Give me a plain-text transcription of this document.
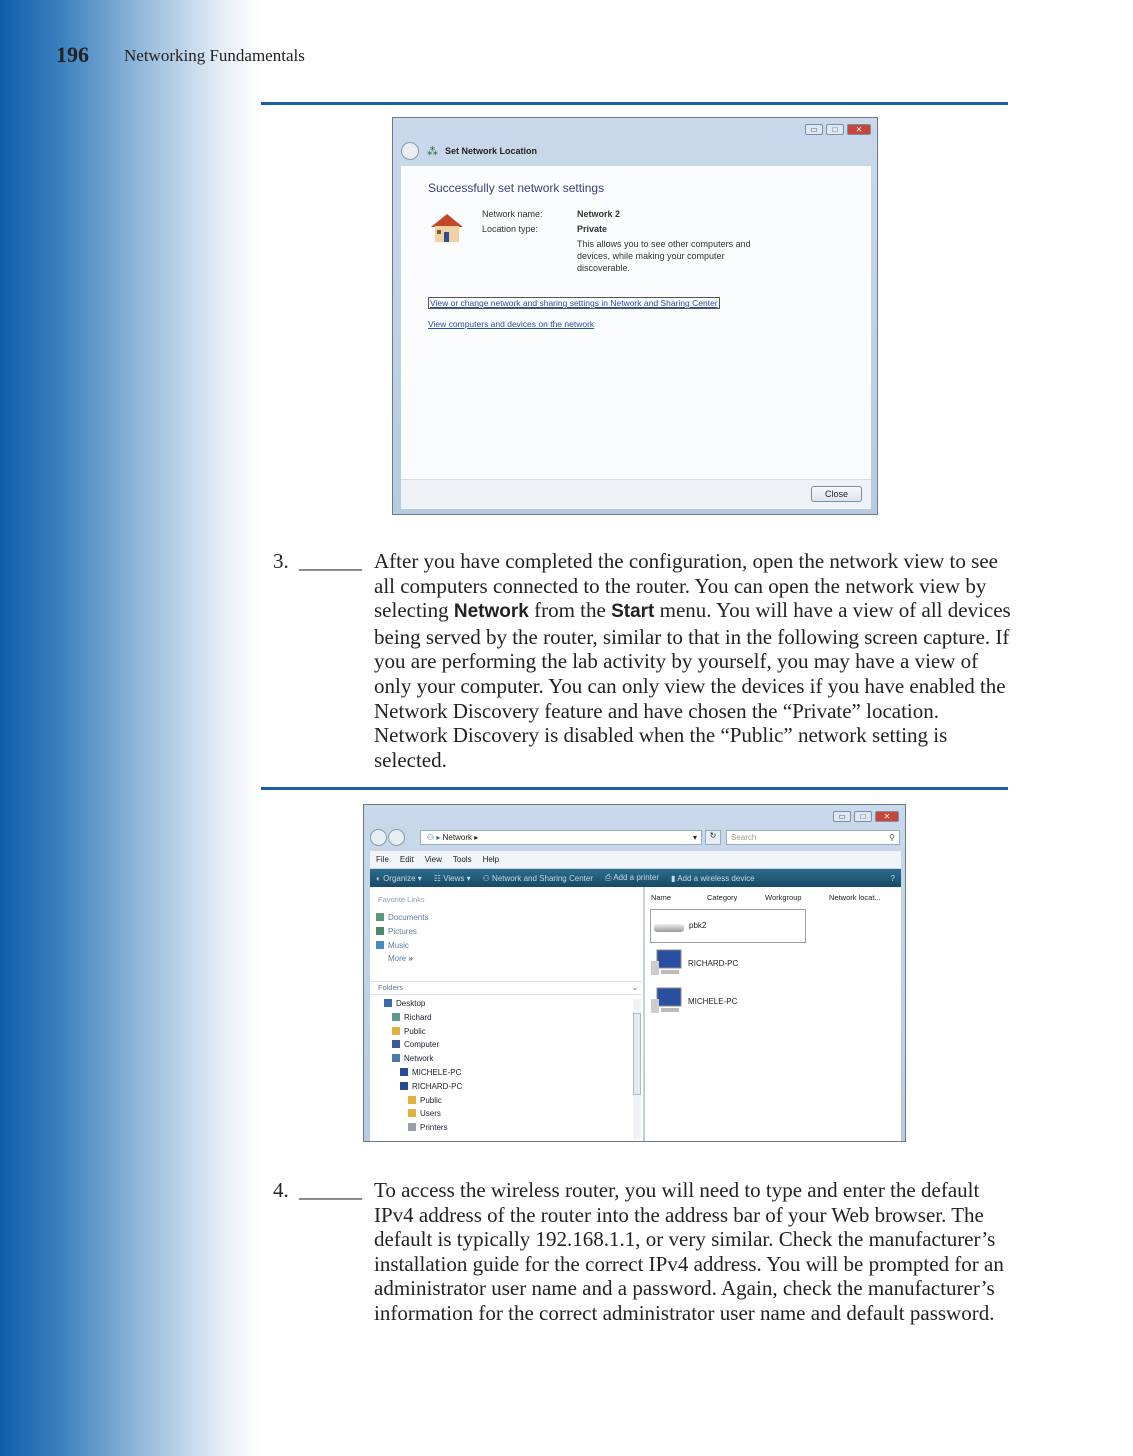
196 Networking Fundamentals
▭	□	✕
⁂ Set Network Location
Successfully set network settings
Network name:	Network 2
Location type:	Private
This allows you to see other computers and devices, while making your computer discoverable.
View or change network and sharing settings in Network and Sharing Center
View computers and devices on the network
Close
3. ______ After you have completed the configuration, open the network view to see all computers connected to the router. You can open the network view by selecting Network from the Start menu. You will have a view of all devices being served by the router, similar to that in the following screen capture. If you are performing the lab activity by yourself, you may have a view of only your computer. You can only view the devices if you have enabled the Network Discovery feature and have chosen the “Private” location. Network Discovery is disabled when the “Public” network setting is selected.
▭	□	✕
⚇ ▸ Network ▸	▾	↻	Search	⚲
File Edit View Tools Help
◐ Organize ▾ ☷ Views ▾ ⚇ Network and Sharing Center ⎙ Add a printer ▮ Add a wireless device	?
Favorite Links
Documents
Pictures
Music
More »
Folders	⌄
Desktop
Richard
Public
Computer
Network
MICHELE-PC
RICHARD-PC
Public
Users
Printers
Name	Category	Workgroup	Network locat...
pbk2
RICHARD-PC
MICHELE-PC
4. ______ To access the wireless router, you will need to type and enter the default IPv4 address of the router into the address bar of your Web browser. The default is typically 192.168.1.1, or very similar. Check the manufacturer’s installation guide for the correct IPv4 address. You will be prompted for an administrator user name and a password. Again, check the manufacturer’s information for the correct administrator user name and default password.
